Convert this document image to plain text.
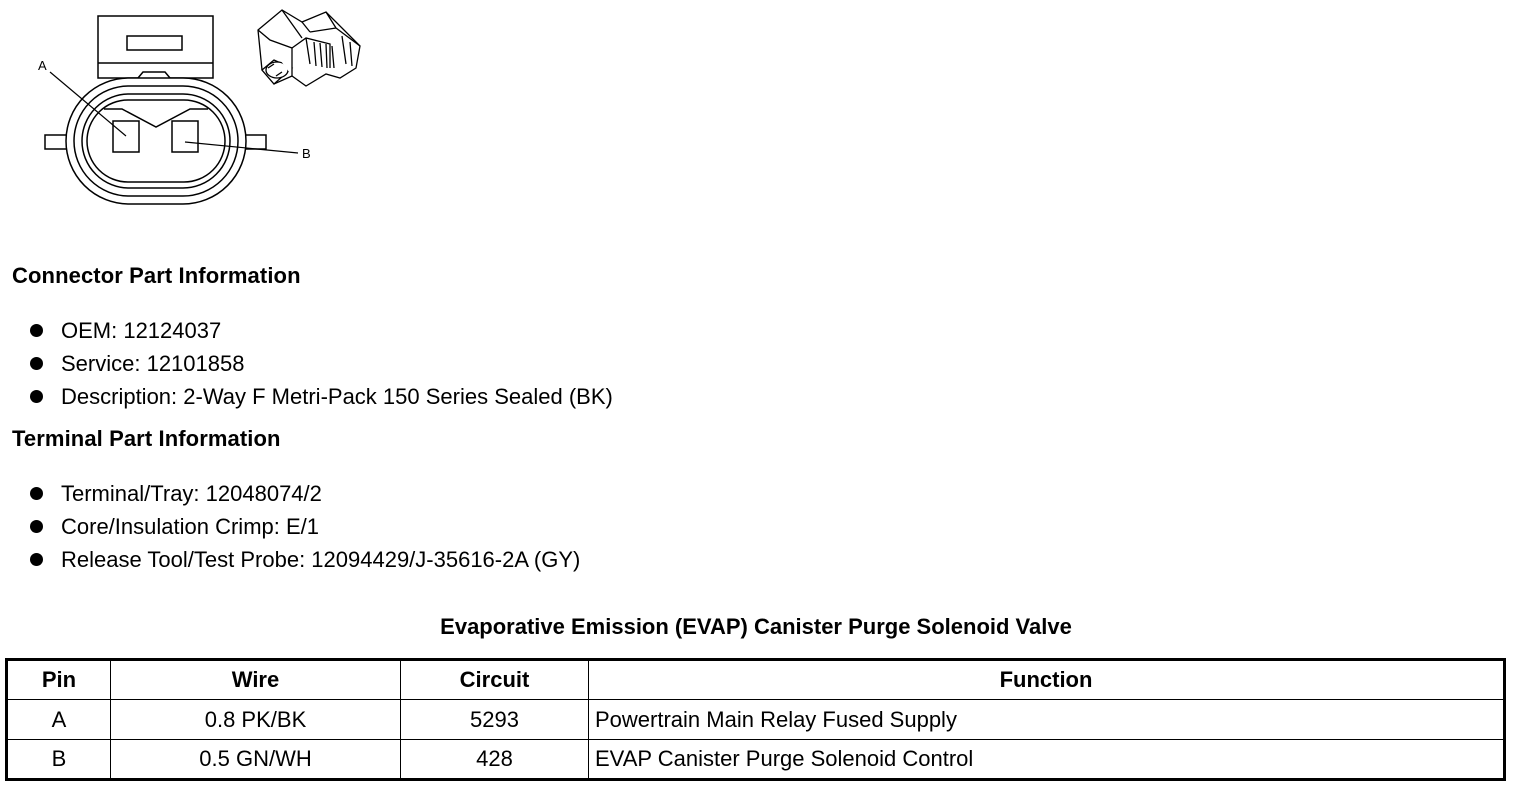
A
B
Connector Part Information
OEM: 12124037
Service: 12101858
Description: 2-Way F Metri-Pack 150 Series Sealed (BK)
Terminal Part Information
Terminal/Tray: 12048074/2
Core/Insulation Crimp: E/1
Release Tool/Test Probe: 12094429/J-35616-2A (GY)
Evaporative Emission (EVAP) Canister Purge Solenoid Valve
Pin	Wire	Circuit	Function
A	0.8 PK/BK	5293	Powertrain Main Relay Fused Supply
B	0.5 GN/WH	428	EVAP Canister Purge Solenoid Control
